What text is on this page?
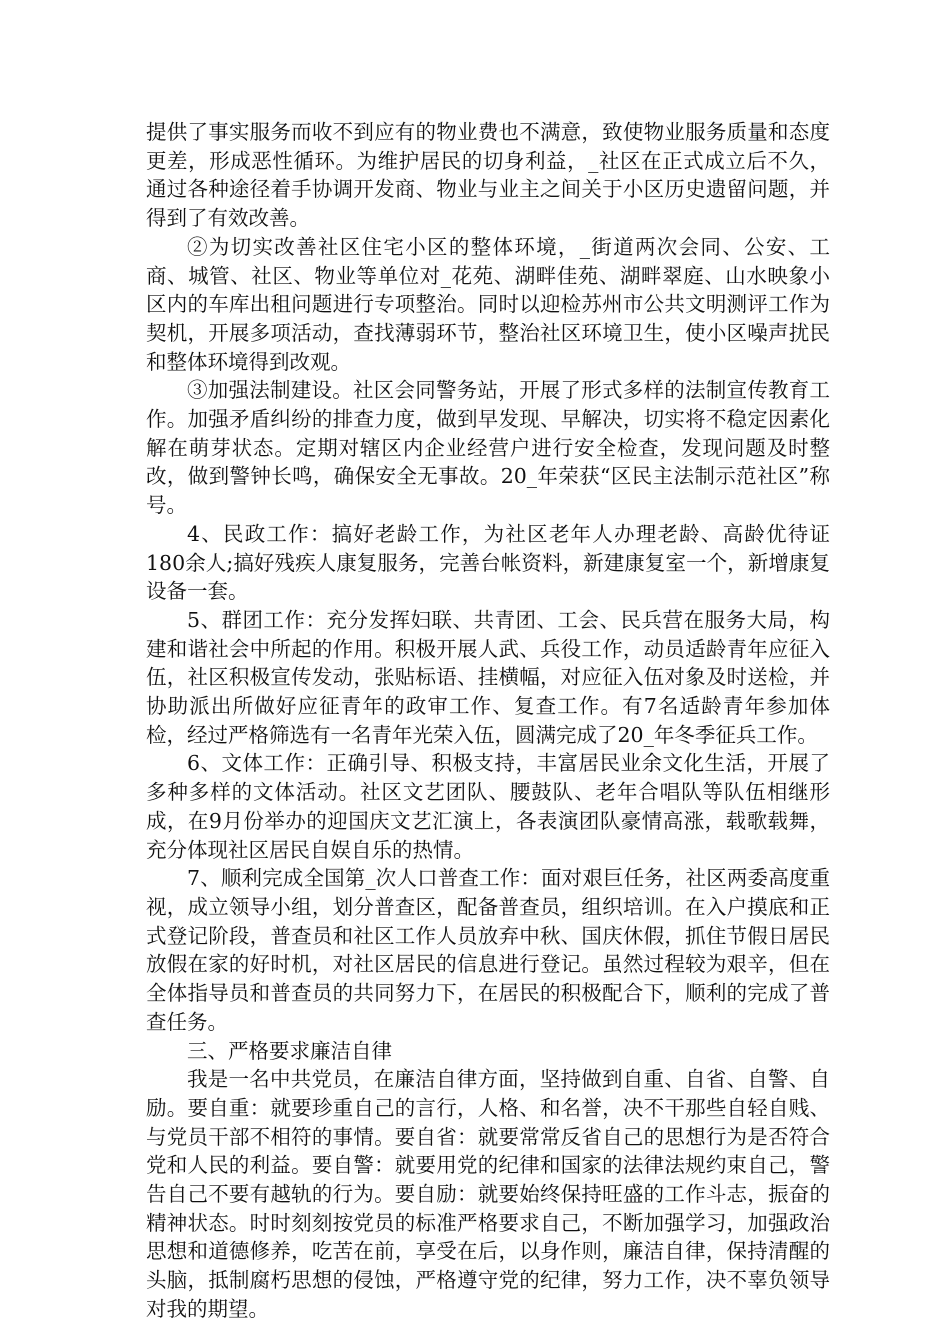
提供了事实服务而收不到应有的物业费也不满意，致使物业服务质量和态度更差，形成恶性循环。为维护居民的切身利益，_社区在正式成立后不久，通过各种途径着手协调开发商、物业与业主之间关于小区历史遗留问题，并得到了有效改善。

②为切实改善社区住宅小区的整体环境，_街道两次会同、公安、工商、城管、社区、物业等单位对_花苑、湖畔佳苑、湖畔翠庭、山水映象小区内的车库出租问题进行专项整治。同时以迎检苏州市公共文明测评工作为契机，开展多项活动，查找薄弱环节，整治社区环境卫生，使小区噪声扰民和整体环境得到改观。

③加强法制建设。社区会同警务站，开展了形式多样的法制宣传教育工作。加强矛盾纠纷的排查力度，做到早发现、早解决，切实将不稳定因素化解在萌芽状态。定期对辖区内企业经营户进行安全检查，发现问题及时整改，做到警钟长鸣，确保安全无事故。20_年荣获“区民主法制示范社区”称号。

4、民政工作：搞好老龄工作，为社区老年人办理老龄、高龄优待证180余人;搞好残疾人康复服务，完善台帐资料，新建康复室一个，新增康复设备一套。

5、群团工作：充分发挥妇联、共青团、工会、民兵营在服务大局，构建和谐社会中所起的作用。积极开展人武、兵役工作，动员适龄青年应征入伍，社区积极宣传发动，张贴标语、挂横幅，对应征入伍对象及时送检，并协助派出所做好应征青年的政审工作、复查工作。有7名适龄青年参加体检，经过严格筛选有一名青年光荣入伍，圆满完成了20_年冬季征兵工作。

6、文体工作：正确引导、积极支持，丰富居民业余文化生活，开展了多种多样的文体活动。社区文艺团队、腰鼓队、老年合唱队等队伍相继形成，在9月份举办的迎国庆文艺汇演上，各表演团队豪情高涨，载歌载舞，充分体现社区居民自娱自乐的热情。

7、顺利完成全国第_次人口普查工作：面对艰巨任务，社区两委高度重视，成立领导小组，划分普查区，配备普查员，组织培训。在入户摸底和正式登记阶段，普查员和社区工作人员放弃中秋、国庆休假，抓住节假日居民放假在家的好时机，对社区居民的信息进行登记。虽然过程较为艰辛，但在全体指导员和普查员的共同努力下，在居民的积极配合下，顺利的完成了普查任务。

三、严格要求廉洁自律

我是一名中共党员，在廉洁自律方面，坚持做到自重、自省、自警、自励。要自重：就要珍重自己的言行，人格、和名誉，决不干那些自轻自贱、与党员干部不相符的事情。要自省：就要常常反省自己的思想行为是否符合党和人民的利益。要自警：就要用党的纪律和国家的法律法规约束自己，警告自己不要有越轨的行为。要自励：就要始终保持旺盛的工作斗志，振奋的精神状态。时时刻刻按党员的标准严格要求自己，不断加强学习，加强政治思想和道德修养，吃苦在前，享受在后，以身作则，廉洁自律，保持清醒的头脑，抵制腐朽思想的侵蚀，严格遵守党的纪律，努力工作，决不辜负领导对我的期望。
